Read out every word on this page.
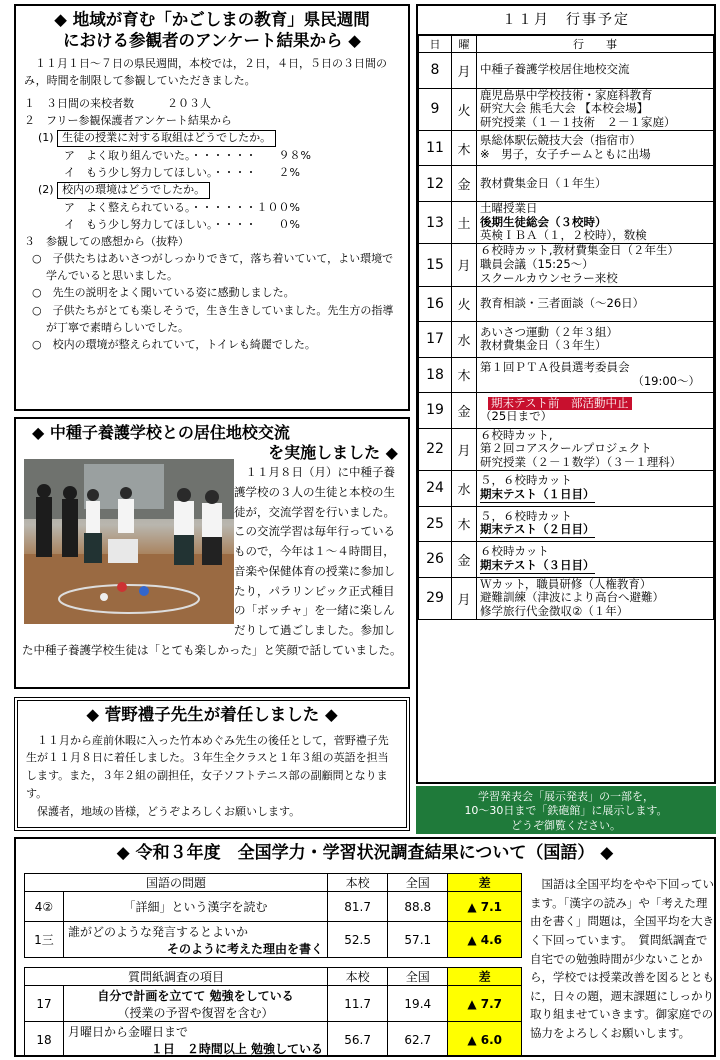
◆ 地域が育む「かごしまの教育」県民週間
における参観者のアンケート結果から ◆

　１１月１日～７日の県民週間，本校では，２日，４日，５日の３日間のみ，時間を制限して参観していただきました。

１　３日間の来校者数　　　２０３人

２　フリー参観保護者アンケート結果から

(1) 生徒の授業に対する取組はどうでしたか。

ア　よく取り組んでいた。・・・・・・　　９８%

イ　もう少し努力してほしい。・・・・　　２%

(2) 校内の環境はどうでしたか。

ア　よく整えられている。・・・・・・１００%

イ　もう少し努力してほしい。・・・・　　０%

３　参観しての感想から（抜粋）

○　子供たちはあいさつがしっかりできて，落ち着いていて，よい環境で学んでいると思いました。

○　先生の説明をよく聞いている姿に感動しました。

○　子供たちがとても楽しそうで，生き生きしていました。先生方の指導が丁寧で素晴らしいでした。

○　校内の環境が整えられていて，トイレも綺麗でした。

◆ 中種子養護学校との居住地校交流
を実施しました ◆
　１１月８日（月）に中種子養護学校の３人の生徒と本校の生徒が，交流学習を行いました。この交流学習は毎年行っているもので，今年は１～４時間目，音楽や保健体育の授業に参加したり，パラリンピック正式種目の「ボッチャ」を一緒に楽しんだりして過ごしました。参加した中種子養護学校生徒は「とても楽しかった」と笑顔で話していました。
◆ 菅野禮子先生が着任しました ◆

　１１月から産前休暇に入った竹本めぐみ先生の後任として，菅野禮子先生が１１月８日に着任しました。３年生全クラスと１年３組の英語を担当します。また，３年２組の副担任，女子ソフトテニス部の副顧問となります。

　保護者，地域の皆様，どうぞよろしくお願いします。

１１月　行事予定
日	曜	行　　事
8	月	中種子養護学校居住地校交流

9	火	鹿児島県中学校技術・家庭科教育
研究大会 熊毛大会 【本校会場】
研究授業（１－１技術　２－１家庭）

11	木	県総体駅伝競技大会（指宿市）
※　男子，女子チームともに出場

12	金	教材費集金日（１年生）

13	土	土曜授業日
後期生徒総会（３校時）
英検ＩＢＡ（１，２校時），数検

15	月	６校時カット,教材費集金日（２年生）
職員会議（15:25～）
スクールカウンセラー来校

16	火	教育相談・三者面談（～26日）

17	水	あいさつ運動（２年３組）
教材費集金日（３年生）

18	木	第１回ＰＴＡ役員選考委員会
（19:00～）

19	金	期末テスト前　部活動中止
（25日まで）

22	月	６校時カット,
第２回コアスクールプロジェクト
研究授業（２－１数学）（３－１理科）

24	水	５，６校時カット
期末テスト（１日目）
25	木	５，６校時カット
期末テスト（２日目）
26	金	６校時カット
期末テスト（３日目）
29	月	Ｗカット，職員研修（人権教育）
避難訓練（津波により高台へ避難）
修学旅行代金徴収②（１年）
学習発表会「展示発表」の一部を，
10～30日まで「鉄砲館」に展示します。
どうぞ御覧ください。
◆ 令和３年度　全国学力・学習状況調査結果について（国語） ◆
国語の問題		本校	全国	差
4②	「詳細」という漢字を読む	81.7	88.8	▲ 7.1
1三	誰がどのような発言するとよいか
そのように考えた理由を書く	52.5	57.1	▲ 4.6
質問紙調査の項目		本校	全国	差
17	自分で計画を立てて 勉強をしている
（授業の予習や復習を含む）	11.7	19.4	▲ 7.7
18	月曜日から金曜日まで
１日　２時間以上 勉強している	56.7	62.7	▲ 6.0
　国語は全国平均をやや下回っています。「漢字の読み」や「考えた理由を書く」問題は，全国平均を大きく下回っています。　質問紙調査で自宅での勉強時間が少ないことから，学校では授業改善を図るとともに，日々の題，週末課題にしっかり取り組ませていきます。御家庭での協力をよろしくお願いします。
